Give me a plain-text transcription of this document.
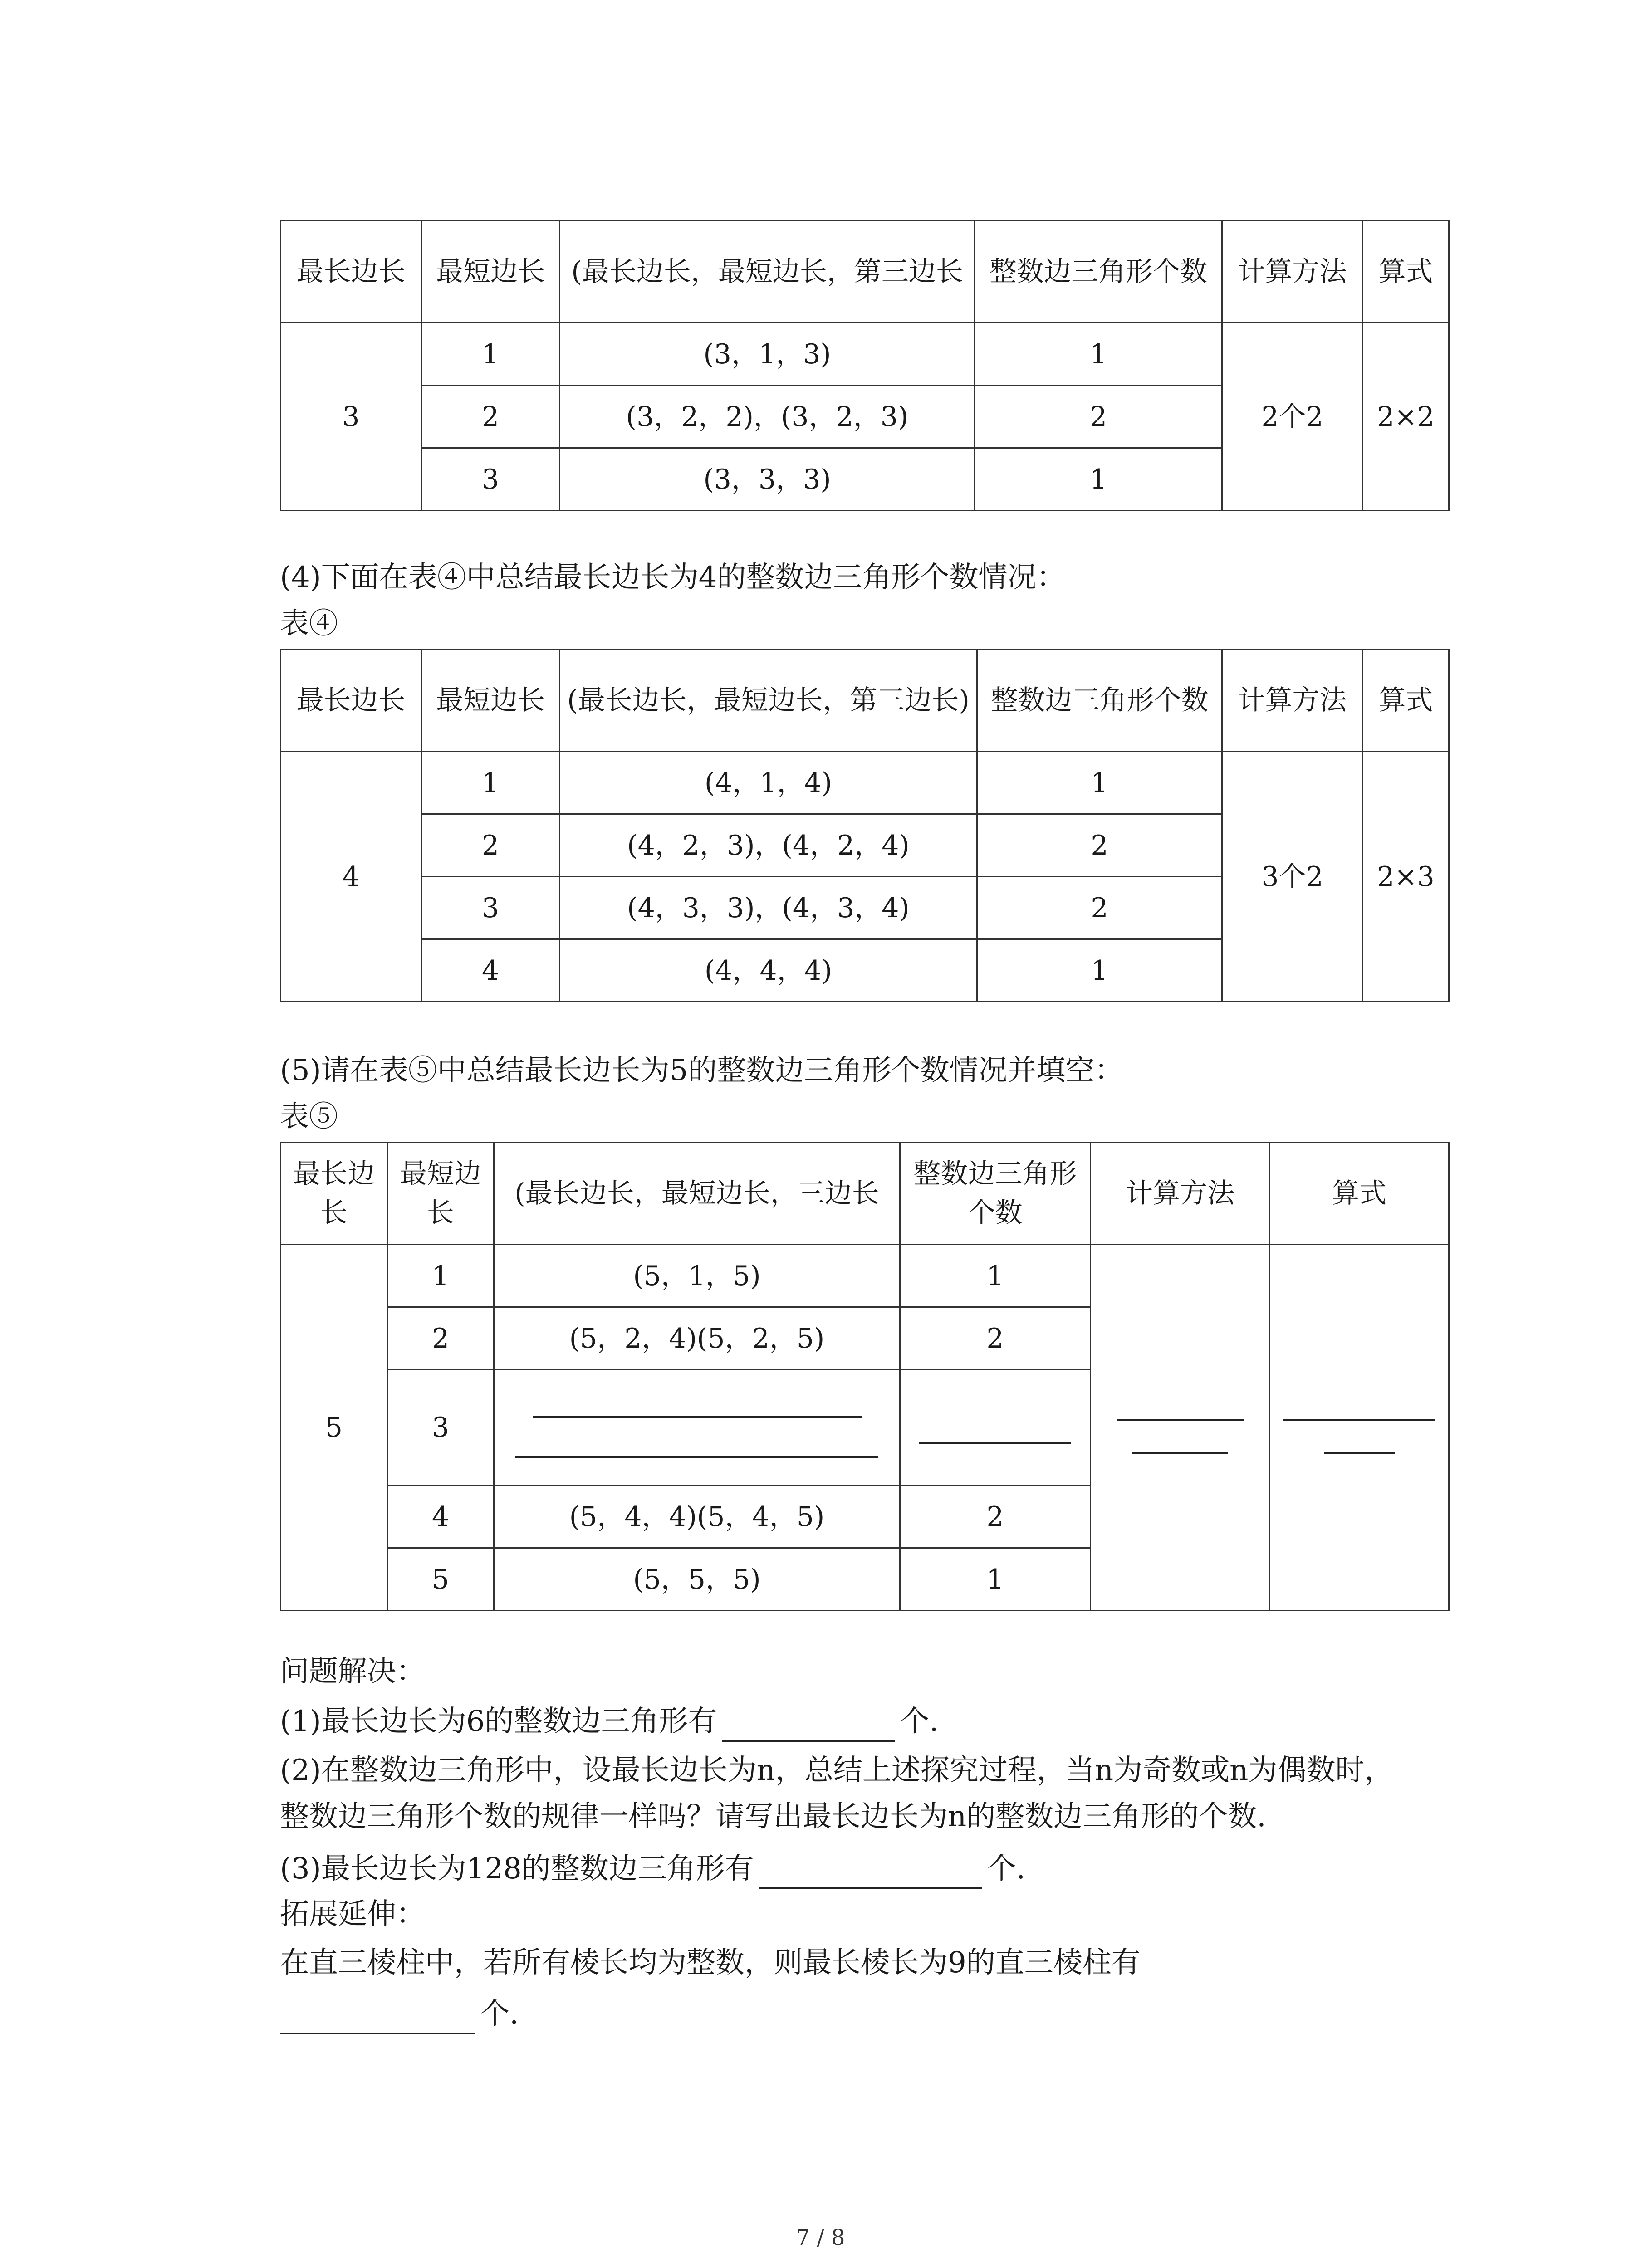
最长边长	最短边长	(最长边长，最短边长，第三边长	整数边三角形个数	计算方法	算式
3	1	(3，1，3)	1	2个2	2×2
	2	(3，2，2)，(3，2，3)	2		
	3	(3，3，3)	1		
(4)下面在表④中总结最长边长为4的整数边三角形个数情况：
表④
最长边长	最短边长	(最长边长，最短边长，第三边长)	整数边三角形个数	计算方法	算式
4	1	(4，1，4)	1	3个2	2×3
	2	(4，2，3)，(4，2，4)	2		
	3	(4，3，3)，(4，3，4)	2		
	4	(4，4，4)	1		
(5)请在表⑤中总结最长边长为5的整数边三角形个数情况并填空：
表⑤
最长边长	最短边长	(最长边长，最短边长，三边长	整数边三角形个数	计算方法	算式
5	1	(5，1，5)	1	

	2	(5，2，4)(5，2，5)	2		
	3			

	4	(5，4，4)(5，4，5)	2		
	5	(5，5，5)	1		
问题解决：
(1)最长边长为6的整数边三角形有	个.
(2)在整数边三角形中，设最长边长为n，总结上述探究过程，当n为奇数或n为偶数时，
整数边三角形个数的规律一样吗？请写出最长边长为n的整数边三角形的个数.
(3)最长边长为128的整数边三角形有	个.
拓展延伸：
在直三棱柱中，若所有棱长均为整数，则最长棱长为9的直三棱柱有
个.
7 / 8
